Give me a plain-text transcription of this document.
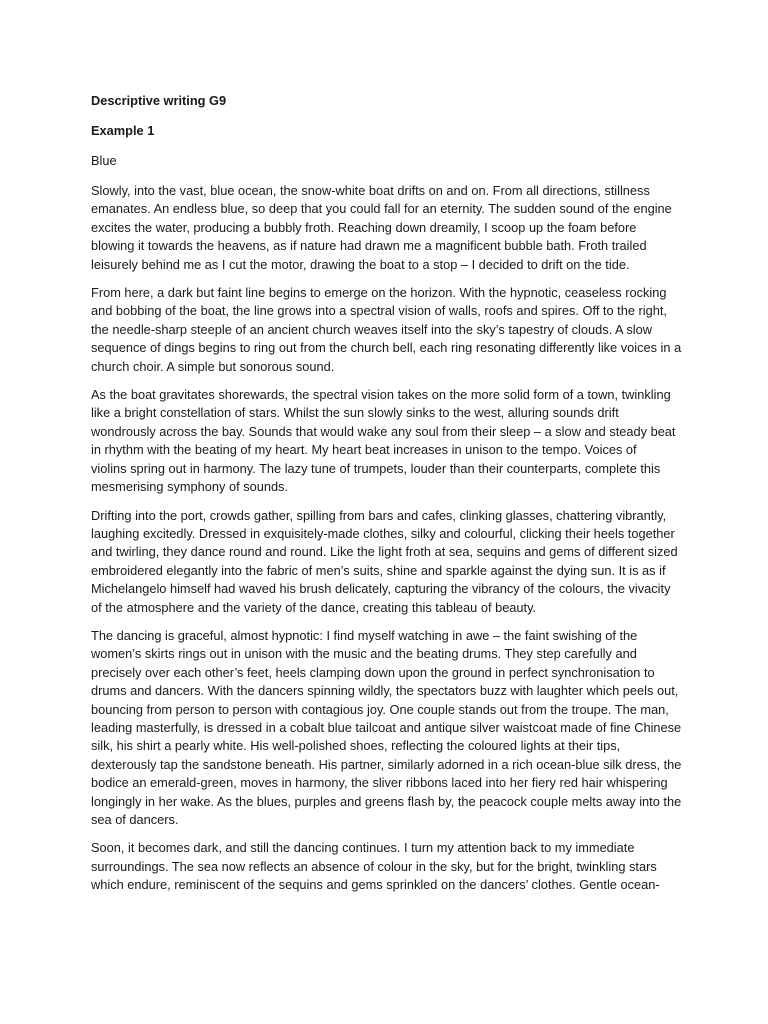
Descriptive writing G9
Example 1
Blue
Slowly, into the vast, blue ocean, the snow-white boat drifts on and on. From all directions, stillness
emanates. An endless blue, so deep that you could fall for an eternity. The sudden sound of the engine
excites the water, producing a bubbly froth. Reaching down dreamily, I scoop up the foam before
blowing it towards the heavens, as if nature had drawn me a magnificent bubble bath. Froth trailed
leisurely behind me as I cut the motor, drawing the boat to a stop – I decided to drift on the tide.
From here, a dark but faint line begins to emerge on the horizon. With the hypnotic, ceaseless rocking
and bobbing of the boat, the line grows into a spectral vision of walls, roofs and spires. Off to the right,
the needle-sharp steeple of an ancient church weaves itself into the sky’s tapestry of clouds. A slow
sequence of dings begins to ring out from the church bell, each ring resonating differently like voices in a
church choir. A simple but sonorous sound.
As the boat gravitates shorewards, the spectral vision takes on the more solid form of a town, twinkling
like a bright constellation of stars. Whilst the sun slowly sinks to the west, alluring sounds drift
wondrously across the bay. Sounds that would wake any soul from their sleep – a slow and steady beat
in rhythm with the beating of my heart. My heart beat increases in unison to the tempo. Voices of
violins spring out in harmony. The lazy tune of trumpets, louder than their counterparts, complete this
mesmerising symphony of sounds.
Drifting into the port, crowds gather, spilling from bars and cafes, clinking glasses, chattering vibrantly,
laughing excitedly. Dressed in exquisitely-made clothes, silky and colourful, clicking their heels together
and twirling, they dance round and round. Like the light froth at sea, sequins and gems of different sized
embroidered elegantly into the fabric of men’s suits, shine and sparkle against the dying sun. It is as if
Michelangelo himself had waved his brush delicately, capturing the vibrancy of the colours, the vivacity
of the atmosphere and the variety of the dance, creating this tableau of beauty.
The dancing is graceful, almost hypnotic: I find myself watching in awe – the faint swishing of the
women’s skirts rings out in unison with the music and the beating drums. They step carefully and
precisely over each other’s feet, heels clamping down upon the ground in perfect synchronisation to
drums and dancers. With the dancers spinning wildly, the spectators buzz with laughter which peels out,
bouncing from person to person with contagious joy. One couple stands out from the troupe. The man,
leading masterfully, is dressed in a cobalt blue tailcoat and antique silver waistcoat made of fine Chinese
silk, his shirt a pearly white. His well-polished shoes, reflecting the coloured lights at their tips,
dexterously tap the sandstone beneath. His partner, similarly adorned in a rich ocean-blue silk dress, the
bodice an emerald-green, moves in harmony, the sliver ribbons laced into her fiery red hair whispering
longingly in her wake. As the blues, purples and greens flash by, the peacock couple melts away into the
sea of dancers.
Soon, it becomes dark, and still the dancing continues. I turn my attention back to my immediate
surroundings. The sea now reflects an absence of colour in the sky, but for the bright, twinkling stars
which endure, reminiscent of the sequins and gems sprinkled on the dancers’ clothes. Gentle ocean-
